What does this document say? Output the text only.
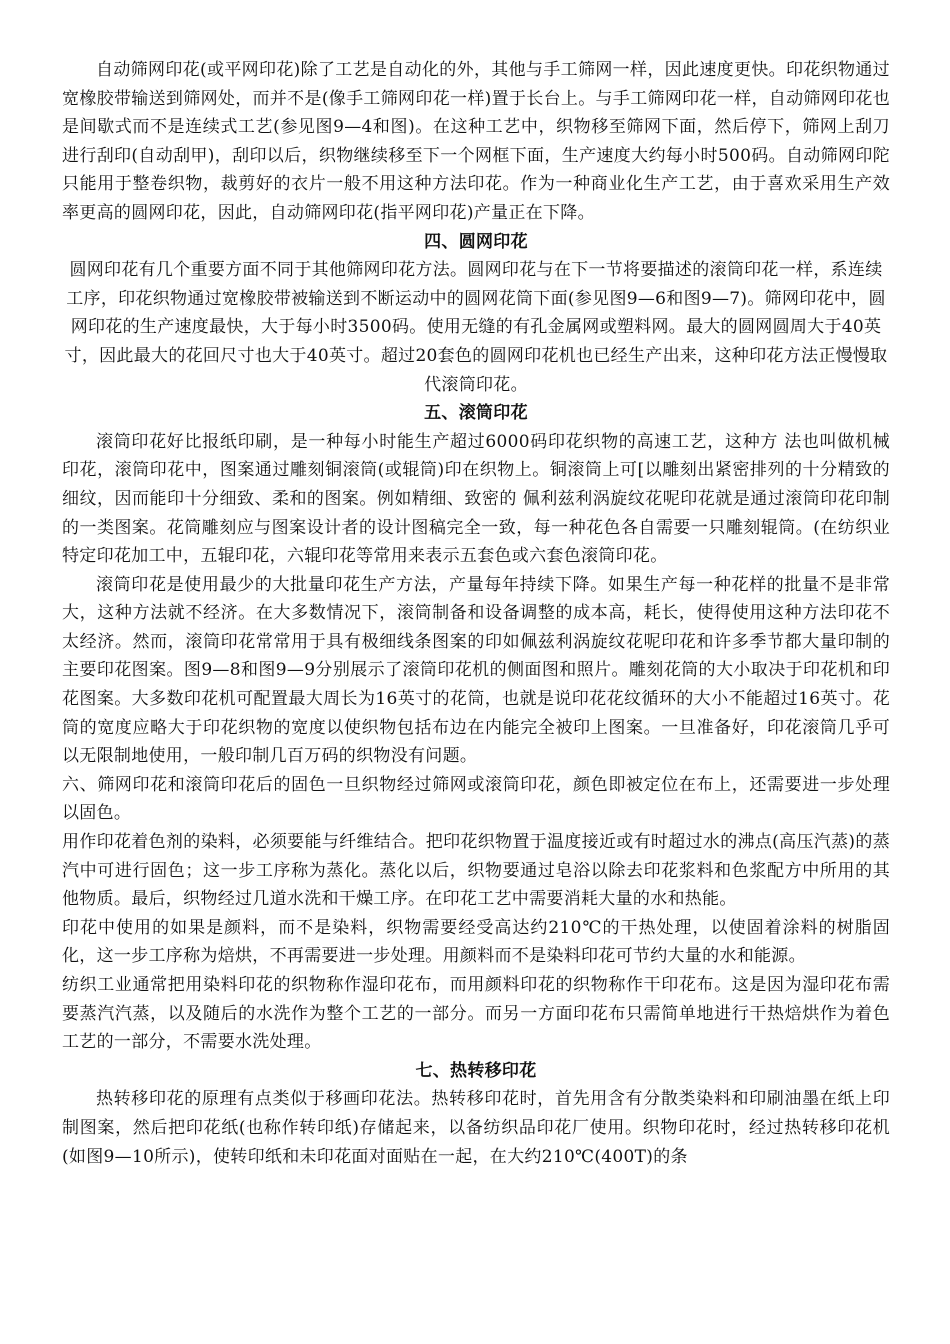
自动筛网印花(或平网印花)除了工艺是自动化的外，其他与手工筛网一样，因此速度更快。印花织物通过宽橡胶带输送到筛网处，而并不是(像手工筛网印花一样)置于长台上。与手工筛网印花一样，自动筛网印花也是间歇式而不是连续式工艺(参见图9—4和图)。在这种工艺中，织物移至筛网下面，然后停下，筛网上刮刀进行刮印(自动刮甲)，刮印以后，织物继续移至下一个网框下面，生产速度大约每小时500码。自动筛网印陀只能用于整卷织物，裁剪好的衣片一般不用这种方法印花。作为一种商业化生产工艺，由于喜欢采用生产效率更高的圆网印花，因此，自动筛网印花(指平网印花)产量正在下降。

四、圆网印花

圆网印花有几个重要方面不同于其他筛网印花方法。圆网印花与在下一节将要描述的滚筒印花一样，系连续工序，印花织物通过宽橡胶带被输送到不断运动中的圆网花筒下面(参见图9—6和图9—7)。筛网印花中，圆网印花的生产速度最快，大于每小时3500码。使用无缝的有孔金属网或塑料网。最大的圆网圆周大于40英寸，因此最大的花回尺寸也大于40英寸。超过20套色的圆网印花机也已经生产出来，这种印花方法正慢慢取代滚筒印花。

五、滚筒印花

滚筒印花好比报纸印刷，是一种每小时能生产超过6000码印花织物的高速工艺，这种方 法也叫做机械印花，滚筒印花中，图案通过雕刻铜滚筒(或辊筒)印在织物上。铜滚筒上可[以雕刻出紧密排列的十分精致的细纹，因而能印十分细致、柔和的图案。例如精细、致密的 佩利兹利涡旋纹花呢印花就是通过滚筒印花印制的一类图案。花筒雕刻应与图案设计者的设计图稿完全一致，每一种花色各自需要一只雕刻辊筒。(在纺织业特定印花加工中，五辊印花，六辊印花等常用来表示五套色或六套色滚筒印花。

滚筒印花是使用最少的大批量印花生产方法，产量每年持续下降。如果生产每一种花样的批量不是非常大，这种方法就不经济。在大多数情况下，滚筒制备和设备调整的成本高，耗长，使得使用这种方法印花不太经济。然而，滚筒印花常常用于具有极细线条图案的印如佩兹利涡旋纹花呢印花和许多季节都大量印制的主要印花图案。图9—8和图9—9分别展示了滚筒印花机的侧面图和照片。雕刻花筒的大小取决于印花机和印花图案。大多数印花机可配置最大周长为16英寸的花筒，也就是说印花花纹循环的大小不能超过16英寸。花筒的宽度应略大于印花织物的宽度以使织物包括布边在内能完全被印上图案。一旦准备好，印花滚筒几乎可以无限制地使用，一般印制几百万码的织物没有问题。

六、筛网印花和滚筒印花后的固色一旦织物经过筛网或滚筒印花，颜色即被定位在布上，还需要进一步处理以固色。

用作印花着色剂的染料，必须要能与纤维结合。把印花织物置于温度接近或有时超过水的沸点(高压汽蒸)的蒸汽中可进行固色；这一步工序称为蒸化。蒸化以后，织物要通过皂浴以除去印花浆料和色浆配方中所用的其他物质。最后，织物经过几道水洗和干燥工序。在印花工艺中需要消耗大量的水和热能。

印花中使用的如果是颜料，而不是染料，织物需要经受高达约210℃的干热处理，以使固着涂料的树脂固化，这一步工序称为焙烘，不再需要进一步处理。用颜料而不是染料印花可节约大量的水和能源。

纺织工业通常把用染料印花的织物称作湿印花布，而用颜料印花的织物称作干印花布。这是因为湿印花布需要蒸汽汽蒸，以及随后的水洗作为整个工艺的一部分。而另一方面印花布只需简单地进行干热焙烘作为着色工艺的一部分，不需要水洗处理。

七、热转移印花

热转移印花的原理有点类似于移画印花法。热转移印花时，首先用含有分散类染料和印刷油墨在纸上印制图案，然后把印花纸(也称作转印纸)存储起来，以备纺织品印花厂使用。织物印花时，经过热转移印花机(如图9—10所示)，使转印纸和未印花面对面贴在一起，在大约210℃(400T)的条
